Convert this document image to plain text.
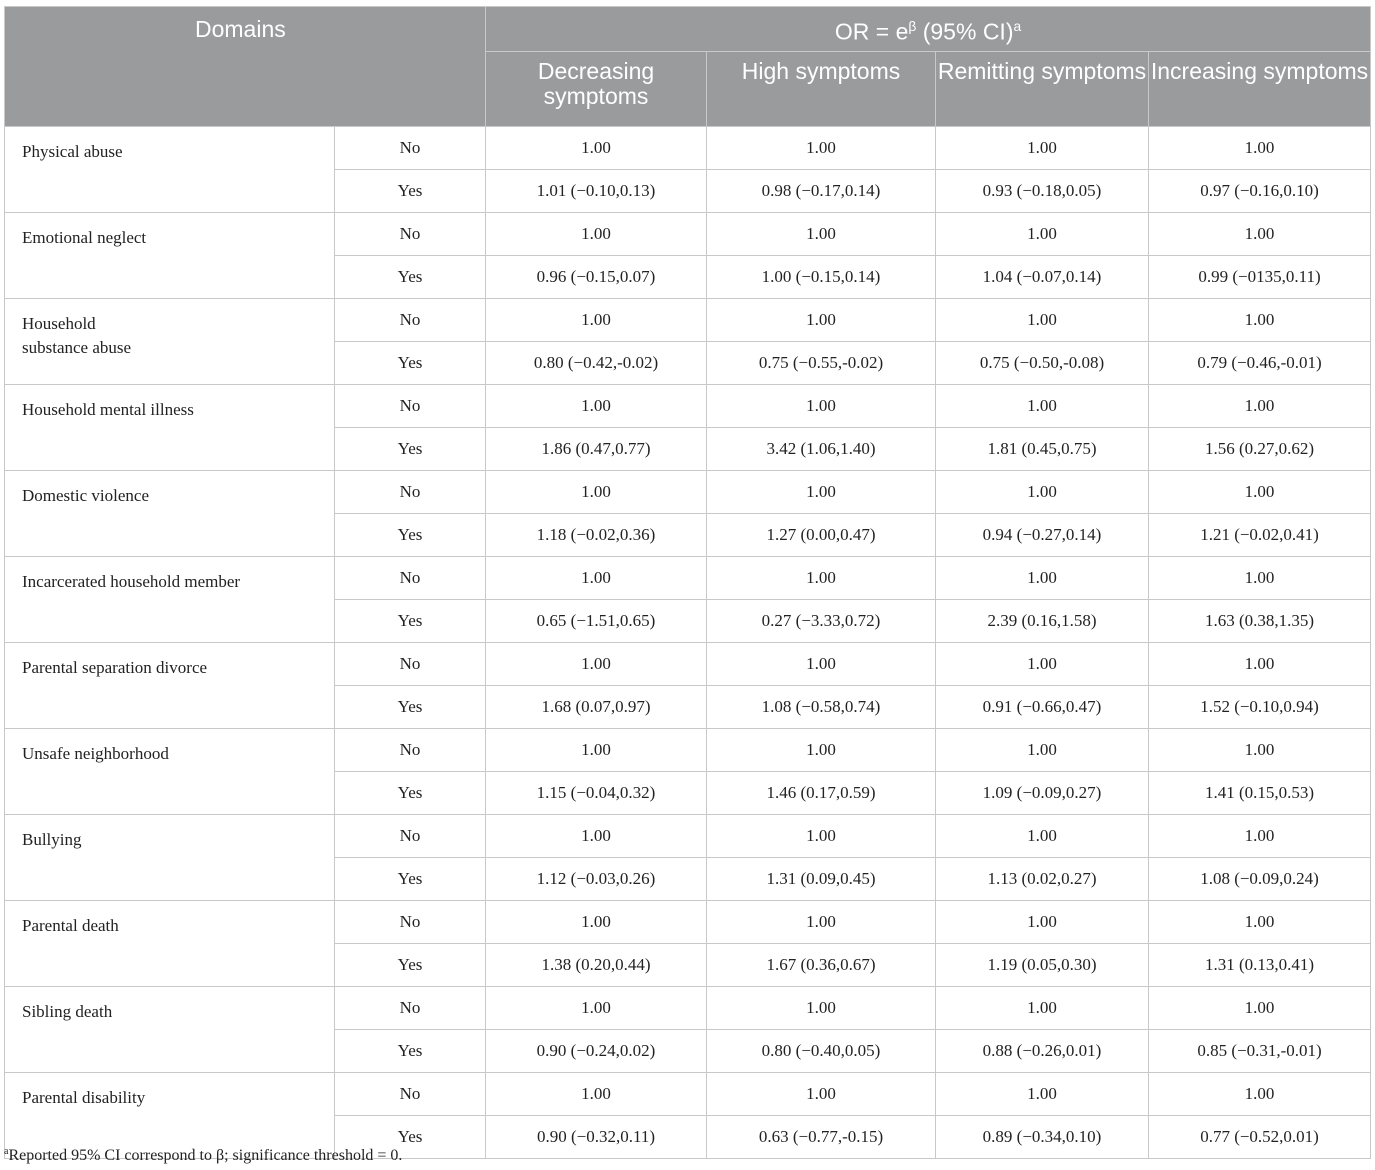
Domains		OR = $e^\beta$ (95% CI)$^a$
		Decreasing symptoms	High symptoms	Remitting symptoms	Increasing symptoms
Physical abuse	No	1.00	1.00	1.00	1.00
	Yes	1.01 (−0.10,0.13)	0.98 (−0.17,0.14)	0.93 (−0.18,0.05)	0.97 (−0.16,0.10)
Emotional neglect	No	1.00	1.00	1.00	1.00
	Yes	0.96 (−0.15,0.07)	1.00 (−0.15,0.14)	1.04 (−0.07,0.14)	0.99 (−0135,0.11)
Household substance abuse	No	1.00	1.00	1.00	1.00
	Yes	0.80 (−0.42,-0.02)	0.75 (−0.55,-0.02)	0.75 (−0.50,-0.08)	0.79 (−0.46,-0.01)
Household mental illness	No	1.00	1.00	1.00	1.00
	Yes	1.86 (0.47,0.77)	3.42 (1.06,1.40)	1.81 (0.45,0.75)	1.56 (0.27,0.62)
Domestic violence	No	1.00	1.00	1.00	1.00
	Yes	1.18 (−0.02,0.36)	1.27 (0.00,0.47)	0.94 (−0.27,0.14)	1.21 (−0.02,0.41)
Incarcerated household member	No	1.00	1.00	1.00	1.00
	Yes	0.65 (−1.51,0.65)	0.27 (−3.33,0.72)	2.39 (0.16,1.58)	1.63 (0.38,1.35)
Parental separation divorce	No	1.00	1.00	1.00	1.00
	Yes	1.68 (0.07,0.97)	1.08 (−0.58,0.74)	0.91 (−0.66,0.47)	1.52 (−0.10,0.94)
Unsafe neighborhood	No	1.00	1.00	1.00	1.00
	Yes	1.15 (−0.04,0.32)	1.46 (0.17,0.59)	1.09 (−0.09,0.27)	1.41 (0.15,0.53)
Bullying	No	1.00	1.00	1.00	1.00
	Yes	1.12 (−0.03,0.26)	1.31 (0.09,0.45)	1.13 (0.02,0.27)	1.08 (−0.09,0.24)
Parental death	No	1.00	1.00	1.00	1.00
	Yes	1.38 (0.20,0.44)	1.67 (0.36,0.67)	1.19 (0.05,0.30)	1.31 (0.13,0.41)
Sibling death	No	1.00	1.00	1.00	1.00
	Yes	0.90 (−0.24,0.02)	0.80 (−0.40,0.05)	0.88 (−0.26,0.01)	0.85 (−0.31,-0.01)
Parental disability	No	1.00	1.00	1.00	1.00
	Yes	0.90 (−0.32,0.11)	0.63 (−0.77,-0.15)	0.89 (−0.34,0.10)	0.77 (−0.52,0.01)
$^a$Reported 95% CI correspond to β; significance threshold = 0.
